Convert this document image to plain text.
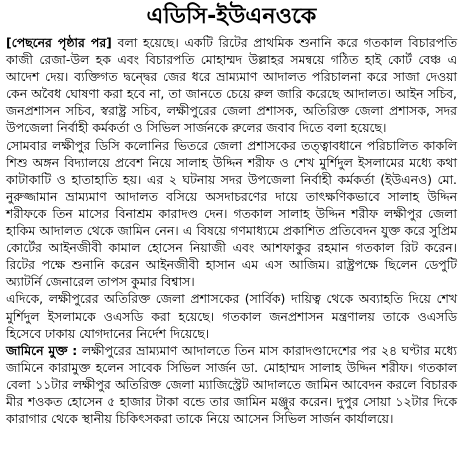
এডিসি-ইউএনওকে

[পেছনের পৃষ্ঠার পর] বলা হয়েছে। একটি রিটের প্রাথমিক শুনানি করে গতকাল বিচারপতি কাজী রেজা-উল হক এবং বিচারপতি মোহাম্মদ উল্লাহর সমন্বয়ে গঠিত হাই কোর্ট বেঞ্চ এ আদেশ দেয়। ব্যক্তিগত দ্বন্দ্বের জের ধরে ভ্রাম্যমাণ আদালত পরিচালনা করে সাজা দেওয়া কেন অবৈধ ঘোষণা করা হবে না, তা জানতে চেয়ে রুল জারি করেছে আদালত। আইন সচিব, জনপ্রশাসন সচিব, স্বরাষ্ট্র সচিব, লক্ষীপুরের জেলা প্রশাসক, অতিরিক্ত জেলা প্রশাসক, সদর উপজেলা নির্বাহী কর্মকর্তা ও সিভিল সার্জনকে রুলের জবাব দিতে বলা হয়েছে।

সোমবার লক্ষীপুর ডিসি কলোনির ভিতরে জেলা প্রশাসকের তত্ত্বাবধানে পরিচালিত কাকলি শিশু অঙ্গন বিদ্যালয়ে প্রবেশ নিয়ে সালাহ উদ্দিন শরীফ ও শেখ মুর্শিদুল ইসলামের মধ্যে কথা কাটাকাটি ও হাতাহাতি হয়। এর ২ ঘটনায় সদর উপজেলা নির্বাহী কর্মকর্তা (ইউএনও) মো. নুরুজ্জামান ভ্রাম্যমাণ আদালত বসিয়ে অসদাচরণের দায়ে তাৎক্ষণিকভাবে সালাহ উদ্দিন শরীফকে তিন মাসের বিনাশ্রম কারাদণ্ড দেন। গতকাল সালাহ উদ্দিন শরীফ লক্ষীপুর জেলা হাকিম আদালত থেকে জামিন নেন। এ বিষয়ে গণমাধ্যমে প্রকাশিত প্রতিবেদন যুক্ত করে সুপ্রিম কোর্টের আইনজীবী কামাল হোসেন নিয়াজী এবং আশফাকুর রহমান গতকাল রিট করেন। রিটের পক্ষে শুনানি করেন আইনজীবী হাসান এম এস আজিম। রাষ্ট্রপক্ষে ছিলেন ডেপুটি অ্যাটর্নি জেনারেল তাপস কুমার বিশ্বাস।

এদিকে, লক্ষীপুরের অতিরিক্ত জেলা প্রশাসকের (সার্বিক) দায়িত্ব থেকে অব্যাহতি দিয়ে শেখ মুর্শিদুল ইসলামকে ওএসডি করা হয়েছে। গতকাল জনপ্রশাসন মন্ত্রণালয় তাকে ওএসডি হিসেবে ঢাকায় যোগদানের নির্দেশ দিয়েছে।

জামিনে মুক্ত : লক্ষীপুরের ভ্রাম্যমাণ আদালতে তিন মাস কারাদণ্ডাদেশের পর ২৪ ঘণ্টার মধ্যে জামিনে কারামুক্ত হলেন সাবেক সিভিল সার্জন ডা. মোহাম্মদ সালাহ উদ্দিন শরীফ। গতকাল বেলা ১১টার লক্ষীপুর অতিরিক্ত জেলা ম্যাজিস্ট্রেট আদালতে জামিন আবেদন করলে বিচারক মীর শওকত হোসেন ৫ হাজার টাকা বন্ডে তার জামিন মঞ্জুর করেন। দুপুর সোয়া ১২টার দিকে কারাগার থেকে স্থানীয় চিকিৎসকরা তাকে নিয়ে আসেন সিভিল সার্জন কার্যালয়ে।
